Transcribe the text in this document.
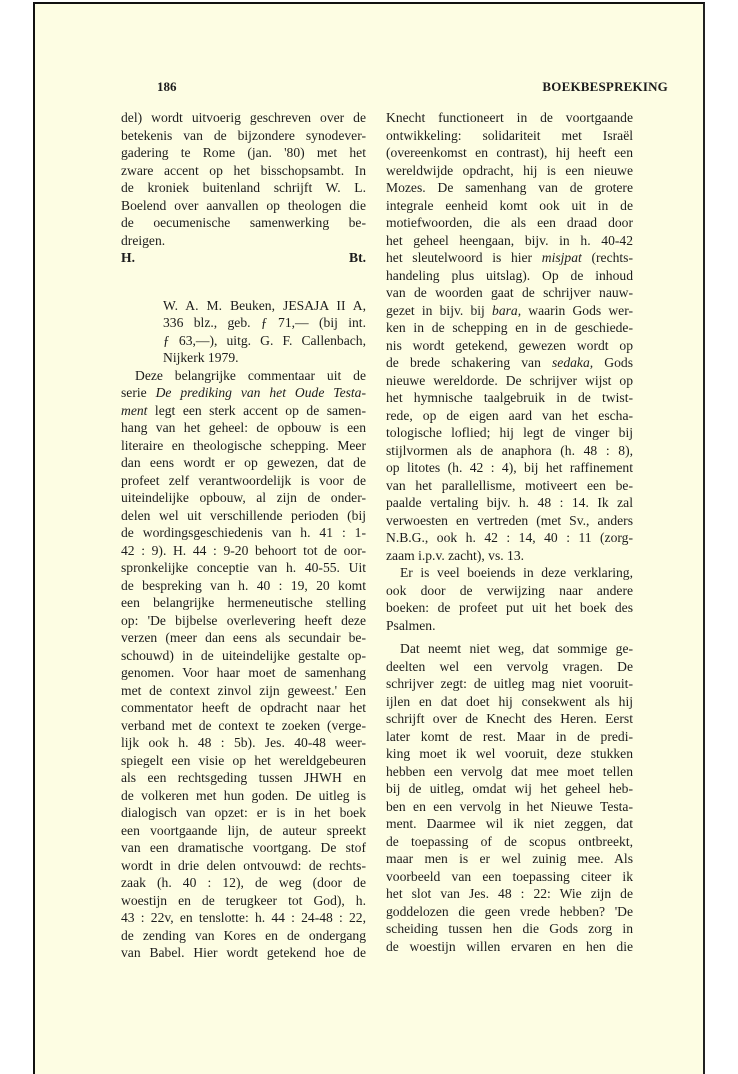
186	BOEKBESPREKING
del) wordt uitvoerig geschreven over de
betekenis van de bijzondere synodever-
gadering te Rome (jan. '80) met het
zware accent op het bisschopsambt. In
de kroniek buitenland schrijft W. L.
Boelend over aanvallen op theologen die
de oecumenische samenwerking be-
dreigen.
H.	Bt.
W. A. M. Beuken, JESAJA II A,
336 blz., geb. ƒ 71,— (bij int.
ƒ 63,—), uitg. G. F. Callenbach,
Nijkerk 1979.
Deze belangrijke commentaar uit de
serie De prediking van het Oude Testa-
ment legt een sterk accent op de samen-
hang van het geheel: de opbouw is een
literaire en theologische schepping. Meer
dan eens wordt er op gewezen, dat de
profeet zelf verantwoordelijk is voor de
uiteindelijke opbouw, al zijn de onder-
delen wel uit verschillende perioden (bij
de wordingsgeschiedenis van h. 41 : 1-
42 : 9). H. 44 : 9-20 behoort tot de oor-
spronkelijke conceptie van h. 40-55. Uit
de bespreking van h. 40 : 19, 20 komt
een belangrijke hermeneutische stelling
op: 'De bijbelse overlevering heeft deze
verzen (meer dan eens als secundair be-
schouwd) in de uiteindelijke gestalte op-
genomen. Voor haar moet de samenhang
met de context zinvol zijn geweest.' Een
commentator heeft de opdracht naar het
verband met de context te zoeken (verge-
lijk ook h. 48 : 5b). Jes. 40-48 weer-
spiegelt een visie op het wereldgebeuren
als een rechtsgeding tussen JHWH en
de volkeren met hun goden. De uitleg is
dialogisch van opzet: er is in het boek
een voortgaande lijn, de auteur spreekt
van een dramatische voortgang. De stof
wordt in drie delen ontvouwd: de rechts-
zaak (h. 40 : 12), de weg (door de
woestijn en de terugkeer tot God), h.
43 : 22v, en tenslotte: h. 44 : 24-48 : 22,
de zending van Kores en de ondergang
van Babel. Hier wordt getekend hoe de
Knecht functioneert in de voortgaande
ontwikkeling: solidariteit met Israël
(overeenkomst en contrast), hij heeft een
wereldwijde opdracht, hij is een nieuwe
Mozes. De samenhang van de grotere
integrale eenheid komt ook uit in de
motiefwoorden, die als een draad door
het geheel heengaan, bijv. in h. 40-42
het sleutelwoord is hier misjpat (rechts-
handeling plus uitslag). Op de inhoud
van de woorden gaat de schrijver nauw-
gezet in bijv. bij bara, waarin Gods wer-
ken in de schepping en in de geschiede-
nis wordt getekend, gewezen wordt op
de brede schakering van sedaka, Gods
nieuwe wereldorde. De schrijver wijst op
het hymnische taalgebruik in de twist-
rede, op de eigen aard van het escha-
tologische loflied; hij legt de vinger bij
stijlvormen als de anaphora (h. 48 : 8),
op litotes (h. 42 : 4), bij het raffinement
van het parallellisme, motiveert een be-
paalde vertaling bijv. h. 48 : 14. Ik zal
verwoesten en vertreden (met Sv., anders
N.B.G., ook h. 42 : 14, 40 : 11 (zorg-
zaam i.p.v. zacht), vs. 13.
Er is veel boeiends in deze verklaring,
ook door de verwijzing naar andere
boeken: de profeet put uit het boek des
Psalmen.
Dat neemt niet weg, dat sommige ge-
deelten wel een vervolg vragen. De
schrijver zegt: de uitleg mag niet vooruit-
ijlen en dat doet hij consekwent als hij
schrijft over de Knecht des Heren. Eerst
later komt de rest. Maar in de predi-
king moet ik wel vooruit, deze stukken
hebben een vervolg dat mee moet tellen
bij de uitleg, omdat wij het geheel heb-
ben en een vervolg in het Nieuwe Testa-
ment. Daarmee wil ik niet zeggen, dat
de toepassing of de scopus ontbreekt,
maar men is er wel zuinig mee. Als
voorbeeld van een toepassing citeer ik
het slot van Jes. 48 : 22: Wie zijn de
goddelozen die geen vrede hebben? 'De
scheiding tussen hen die Gods zorg in
de woestijn willen ervaren en hen die
